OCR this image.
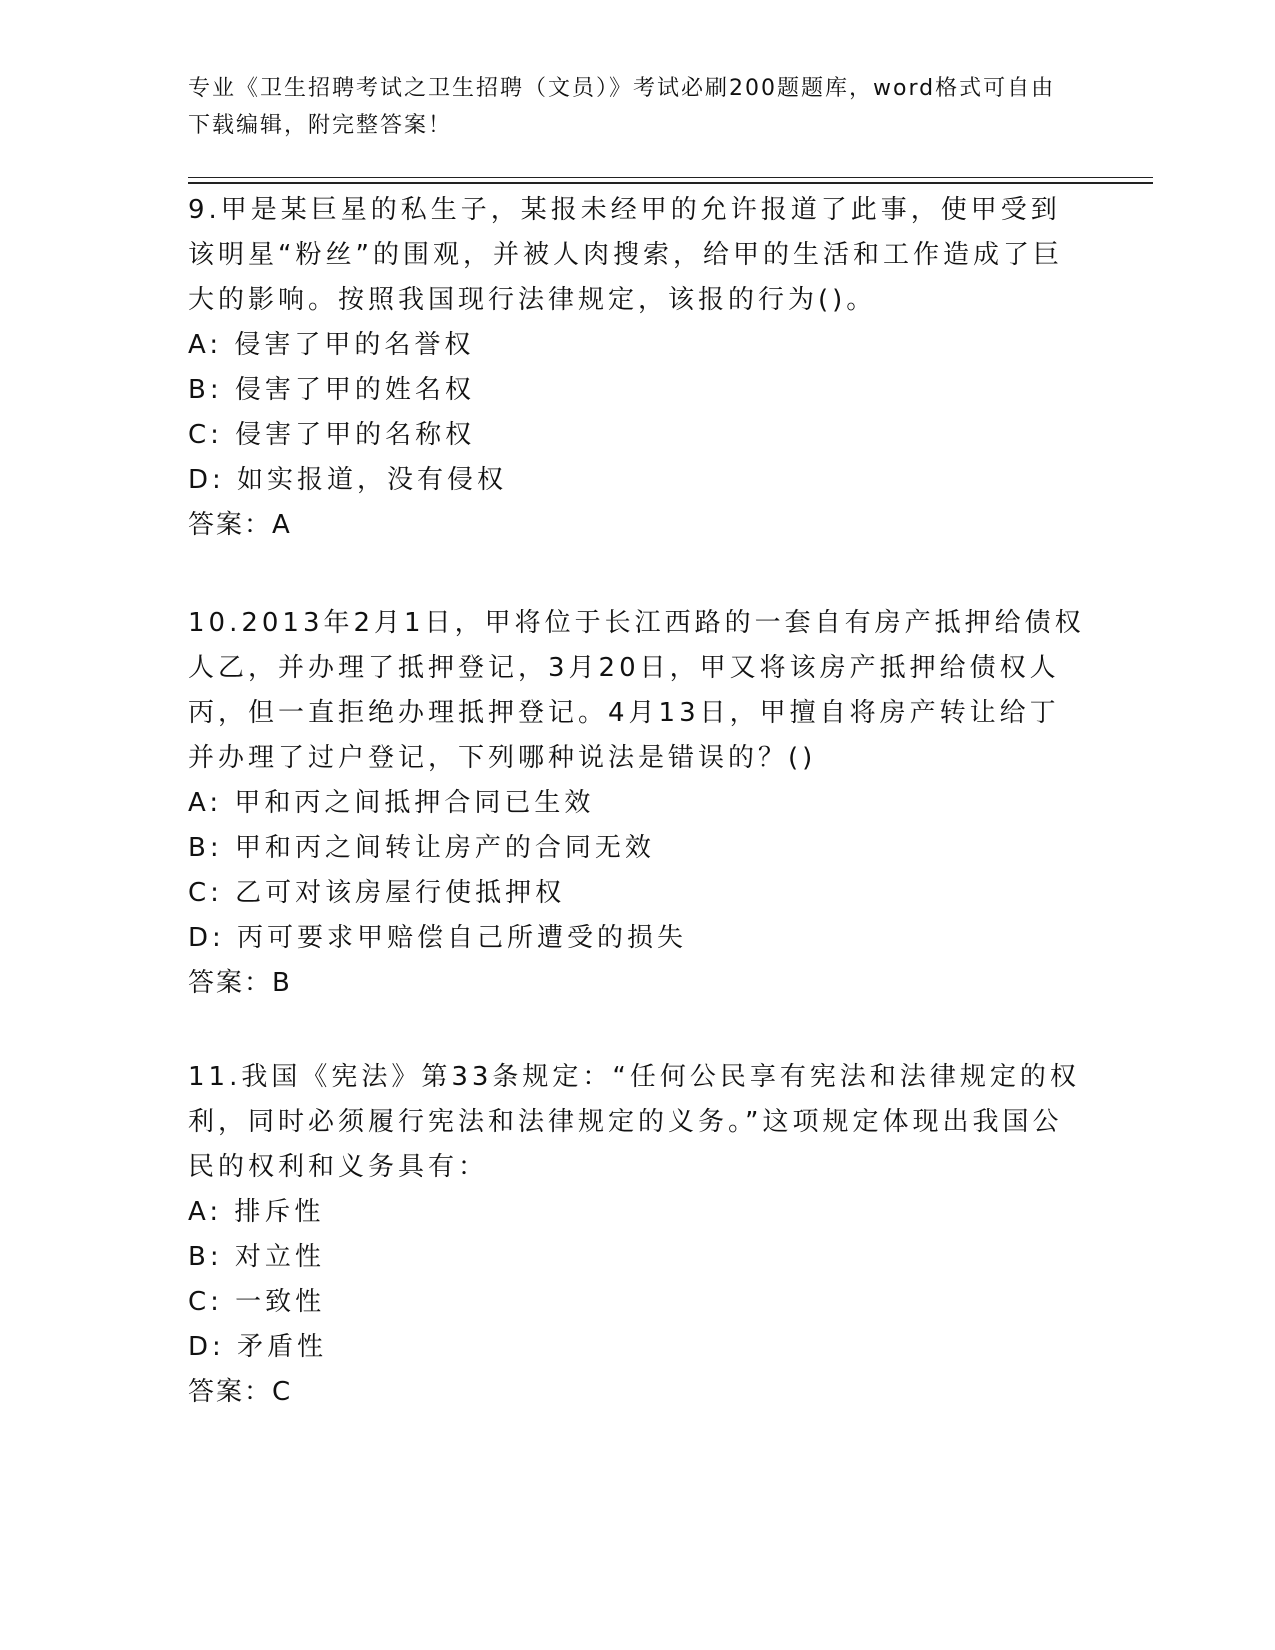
专业《卫生招聘考试之卫生招聘（文员）》考试必刷200题题库，word格式可自由下载编辑，附完整答案！

9.甲是某巨星的私生子，某报未经甲的允许报道了此事，使甲受到该明星“粉丝”的围观，并被人肉搜索，给甲的生活和工作造成了巨大的影响。按照我国现行法律规定，该报的行为()。

A: 侵害了甲的名誉权

B: 侵害了甲的姓名权

C: 侵害了甲的名称权

D: 如实报道，没有侵权

答案：A

10.2013年2月1日，甲将位于长江西路的一套自有房产抵押给债权人乙，并办理了抵押登记，3月20日，甲又将该房产抵押给债权人丙，但一直拒绝办理抵押登记。4月13日，甲擅自将房产转让给丁并办理了过户登记，下列哪种说法是错误的？()

A: 甲和丙之间抵押合同已生效

B: 甲和丙之间转让房产的合同无效

C: 乙可对该房屋行使抵押权

D: 丙可要求甲赔偿自己所遭受的损失

答案：B

11.我国《宪法》第33条规定：“任何公民享有宪法和法律规定的权利，同时必须履行宪法和法律规定的义务。”这项规定体现出我国公民的权利和义务具有：

A: 排斥性

B: 对立性

C: 一致性

D: 矛盾性

答案：C
